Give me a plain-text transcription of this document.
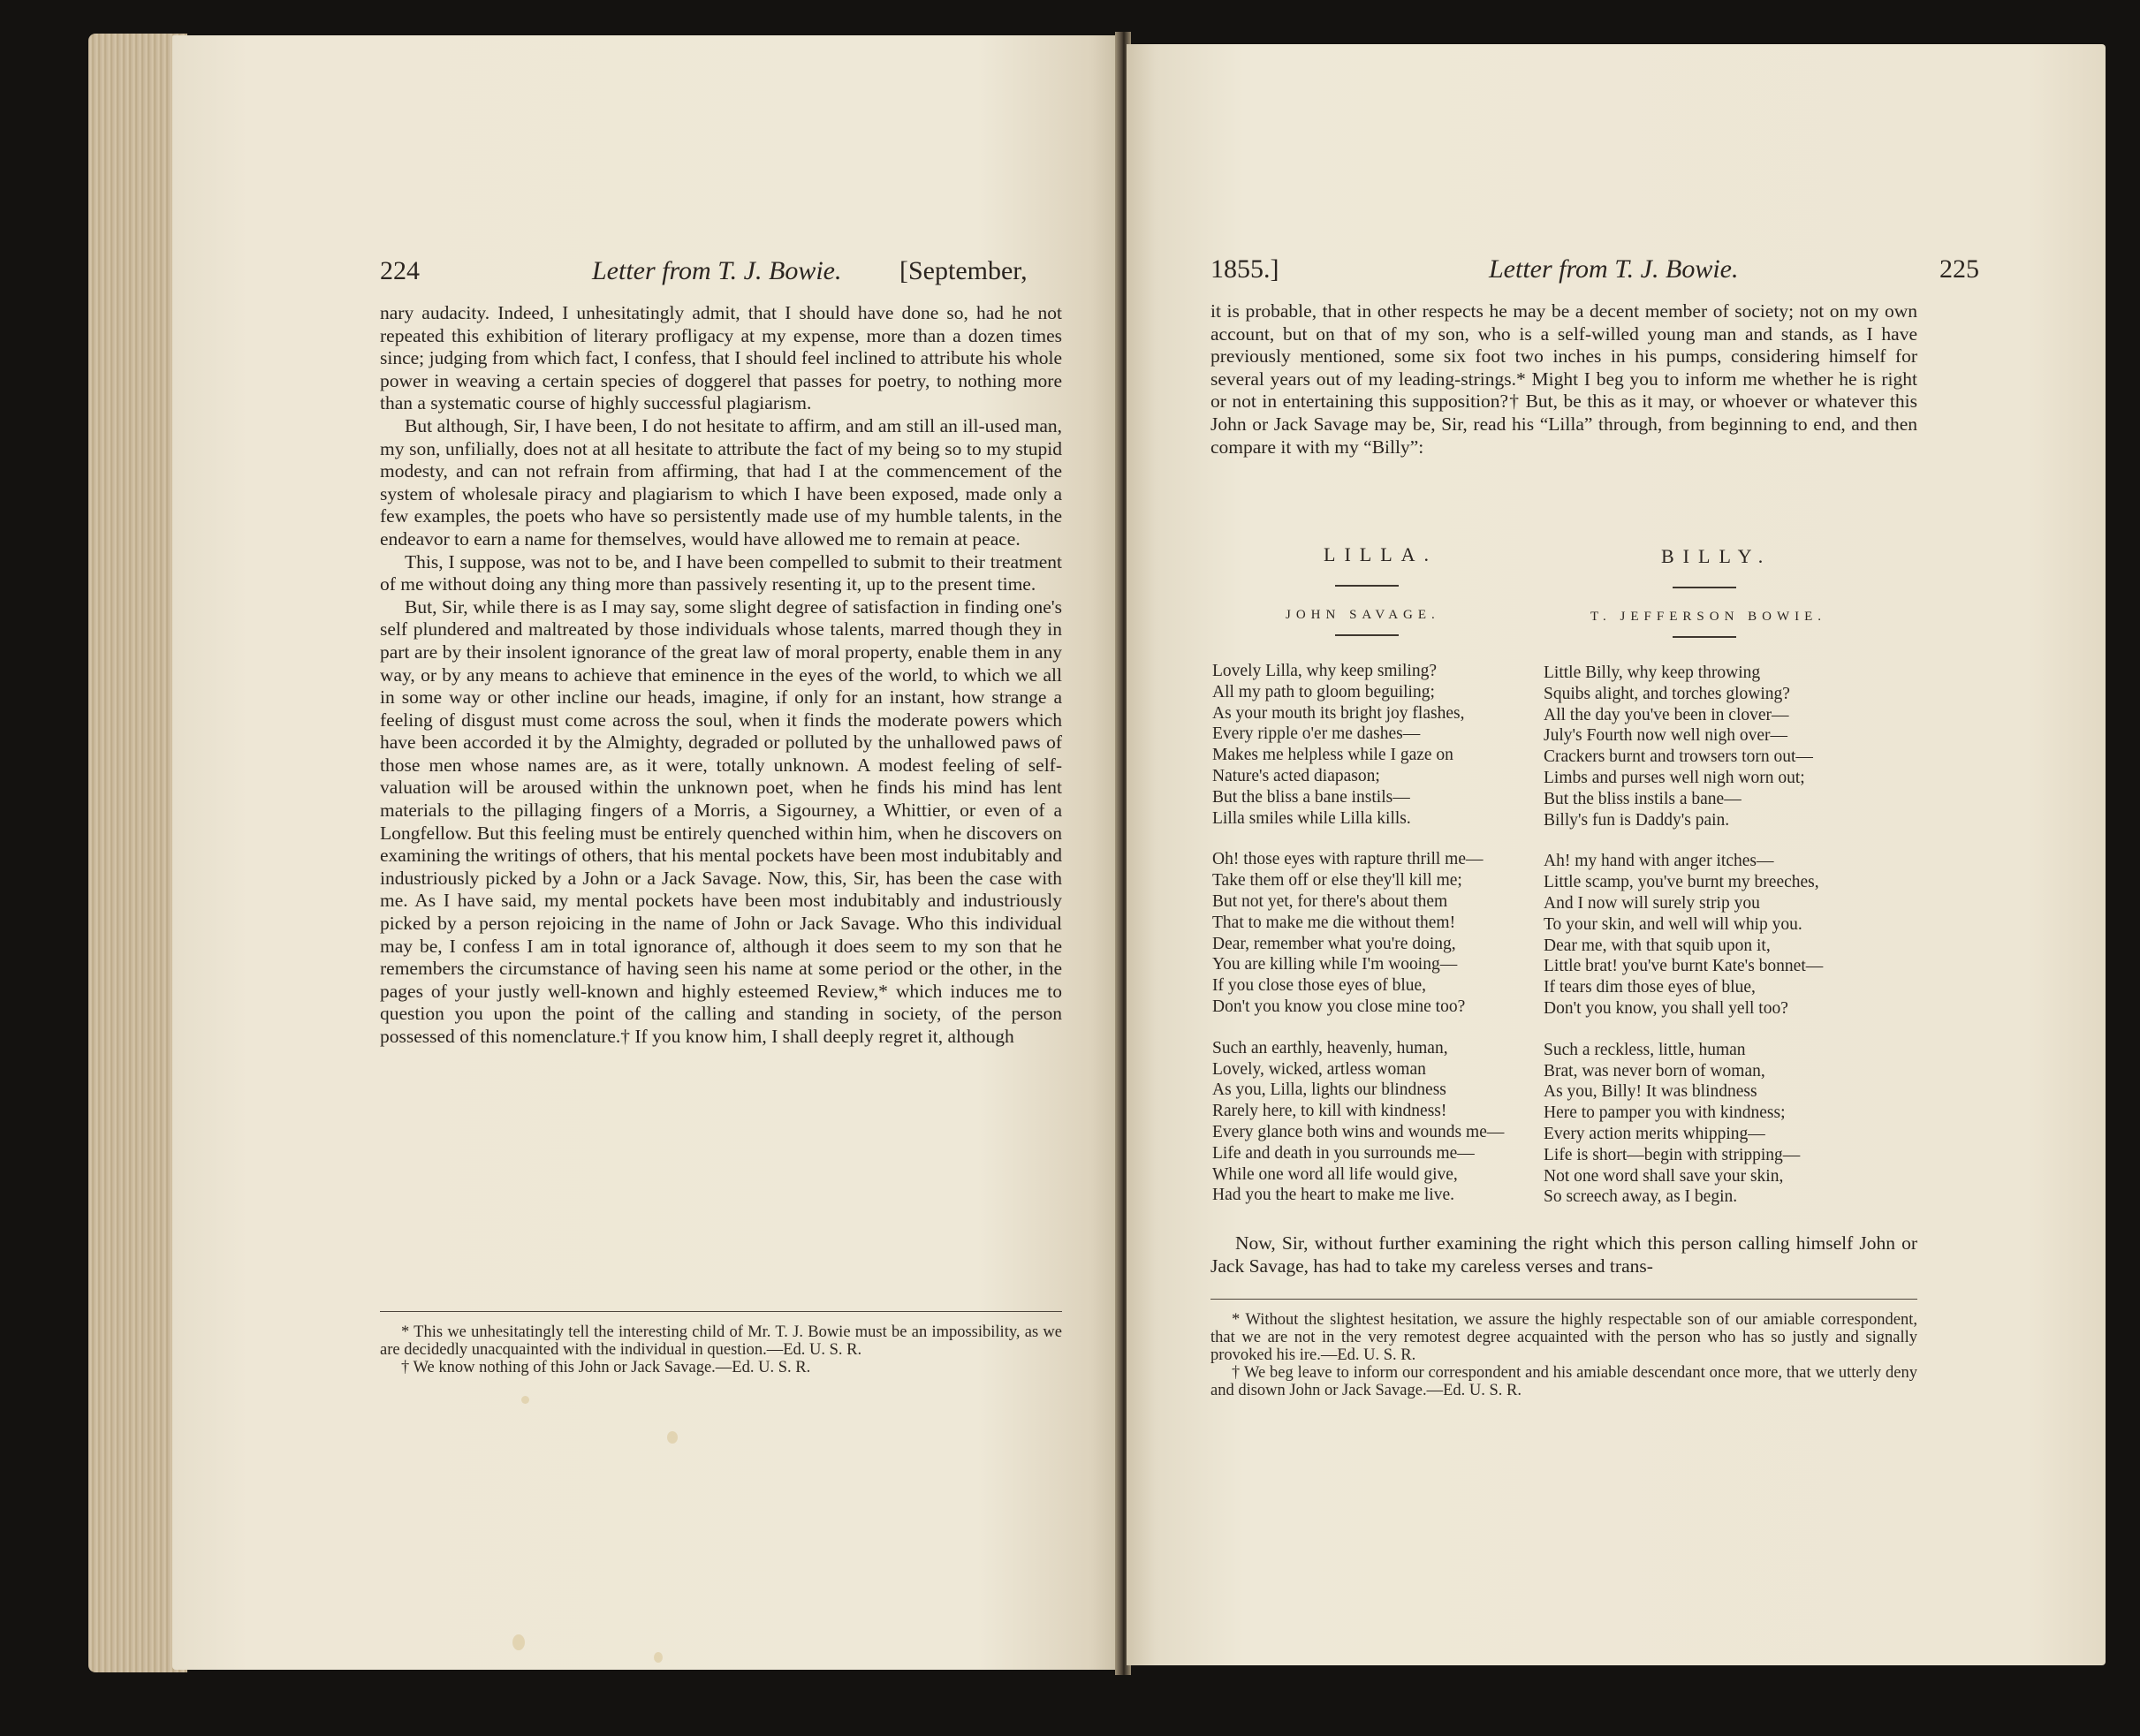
224	Letter from T. J. Bowie. [September,

nary audacity. Indeed, I unhesitatingly admit, that I should have done so, had he not repeated this exhibition of literary profligacy at my expense, more than a dozen times since; judging from which fact, I confess, that I should feel inclined to attribute his whole power in weaving a certain species of doggerel that passes for poetry, to nothing more than a systematic course of highly successful plagiarism.

But although, Sir, I have been, I do not hesitate to affirm, and am still an ill-used man, my son, unfilially, does not at all hesitate to attribute the fact of my being so to my stupid modesty, and can not refrain from affirming, that had I at the commencement of the system of wholesale piracy and plagiarism to which I have been exposed, made only a few examples, the poets who have so persistently made use of my humble talents, in the endeavor to earn a name for themselves, would have allowed me to remain at peace.

This, I suppose, was not to be, and I have been compelled to submit to their treatment of me without doing any thing more than passively resenting it, up to the present time.

But, Sir, while there is as I may say, some slight degree of satisfaction in finding one's self plundered and maltreated by those individuals whose talents, marred though they in part are by their insolent ignorance of the great law of moral property, enable them in any way, or by any means to achieve that eminence in the eyes of the world, to which we all in some way or other incline our heads, imagine, if only for an instant, how strange a feeling of disgust must come across the soul, when it finds the moderate powers which have been accorded it by the Almighty, degraded or polluted by the unhallowed paws of those men whose names are, as it were, totally unknown. A modest feeling of self-valuation will be aroused within the unknown poet, when he finds his mind has lent materials to the pillaging fingers of a Morris, a Sigourney, a Whittier, or even of a Longfellow. But this feeling must be entirely quenched within him, when he discovers on examining the writings of others, that his mental pockets have been most indubitably and industriously picked by a John or a Jack Savage. Now, this, Sir, has been the case with me. As I have said, my mental pockets have been most indubitably and industriously picked by a person rejoicing in the name of John or Jack Savage. Who this individual may be, I confess I am in total ignorance of, although it does seem to my son that he remembers the circumstance of having seen his name at some period or the other, in the pages of your justly well-known and highly esteemed Review,* which induces me to question you upon the point of the calling and standing in society, of the person possessed of this nomenclature.† If you know him, I shall deeply regret it, although

* This we unhesitatingly tell the interesting child of Mr. T. J. Bowie must be an impossibility, as we are decidedly unacquainted with the individual in question.—Ed. U. S. R.

† We know nothing of this John or Jack Savage.—Ed. U. S. R.

1855.]	Letter from T. J. Bowie.	225

it is probable, that in other respects he may be a decent member of society; not on my own account, but on that of my son, who is a self-willed young man and stands, as I have previously mentioned, some six foot two inches in his pumps, considering himself for several years out of my leading-strings.* Might I beg you to inform me whether he is right or not in entertaining this supposition?† But, be this as it may, or whoever or whatever this John or Jack Savage may be, Sir, read his “Lilla” through, from beginning to end, and then compare it with my “Billy”:

LILLA.	BILLY.
JOHN SAVAGE.	T. JEFFERSON BOWIE.
Lovely Lilla, why keep smiling?
All my path to gloom beguiling;
As your mouth its bright joy flashes,
Every ripple o'er me dashes—
Makes me helpless while I gaze on
Nature's acted diapason;
But the bliss a bane instils—
Lilla smiles while Lilla kills.
Oh! those eyes with rapture thrill me—
Take them off or else they'll kill me;
But not yet, for there's about them
That to make me die without them!
Dear, remember what you're doing,
You are killing while I'm wooing—
If you close those eyes of blue,
Don't you know you close mine too?
Such an earthly, heavenly, human,
Lovely, wicked, artless woman
As you, Lilla, lights our blindness
Rarely here, to kill with kindness!
Every glance both wins and wounds me—
Life and death in you surrounds me—
While one word all life would give,
Had you the heart to make me live.
Little Billy, why keep throwing
Squibs alight, and torches glowing?
All the day you've been in clover—
July's Fourth now well nigh over—
Crackers burnt and trowsers torn out—
Limbs and purses well nigh worn out;
But the bliss instils a bane—
Billy's fun is Daddy's pain.
Ah! my hand with anger itches—
Little scamp, you've burnt my breeches,
And I now will surely strip you
To your skin, and well will whip you.
Dear me, with that squib upon it,
Little brat! you've burnt Kate's bonnet—
If tears dim those eyes of blue,
Don't you know, you shall yell too?
Such a reckless, little, human
Brat, was never born of woman,
As you, Billy! It was blindness
Here to pamper you with kindness;
Every action merits whipping—
Life is short—begin with stripping—
Not one word shall save your skin,
So screech away, as I begin.

Now, Sir, without further examining the right which this person calling himself John or Jack Savage, has had to take my careless verses and trans-

* Without the slightest hesitation, we assure the highly respectable son of our amiable correspondent, that we are not in the very remotest degree acquainted with the person who has so justly and signally provoked his ire.—Ed. U. S. R.

† We beg leave to inform our correspondent and his amiable descendant once more, that we utterly deny and disown John or Jack Savage.—Ed. U. S. R.
